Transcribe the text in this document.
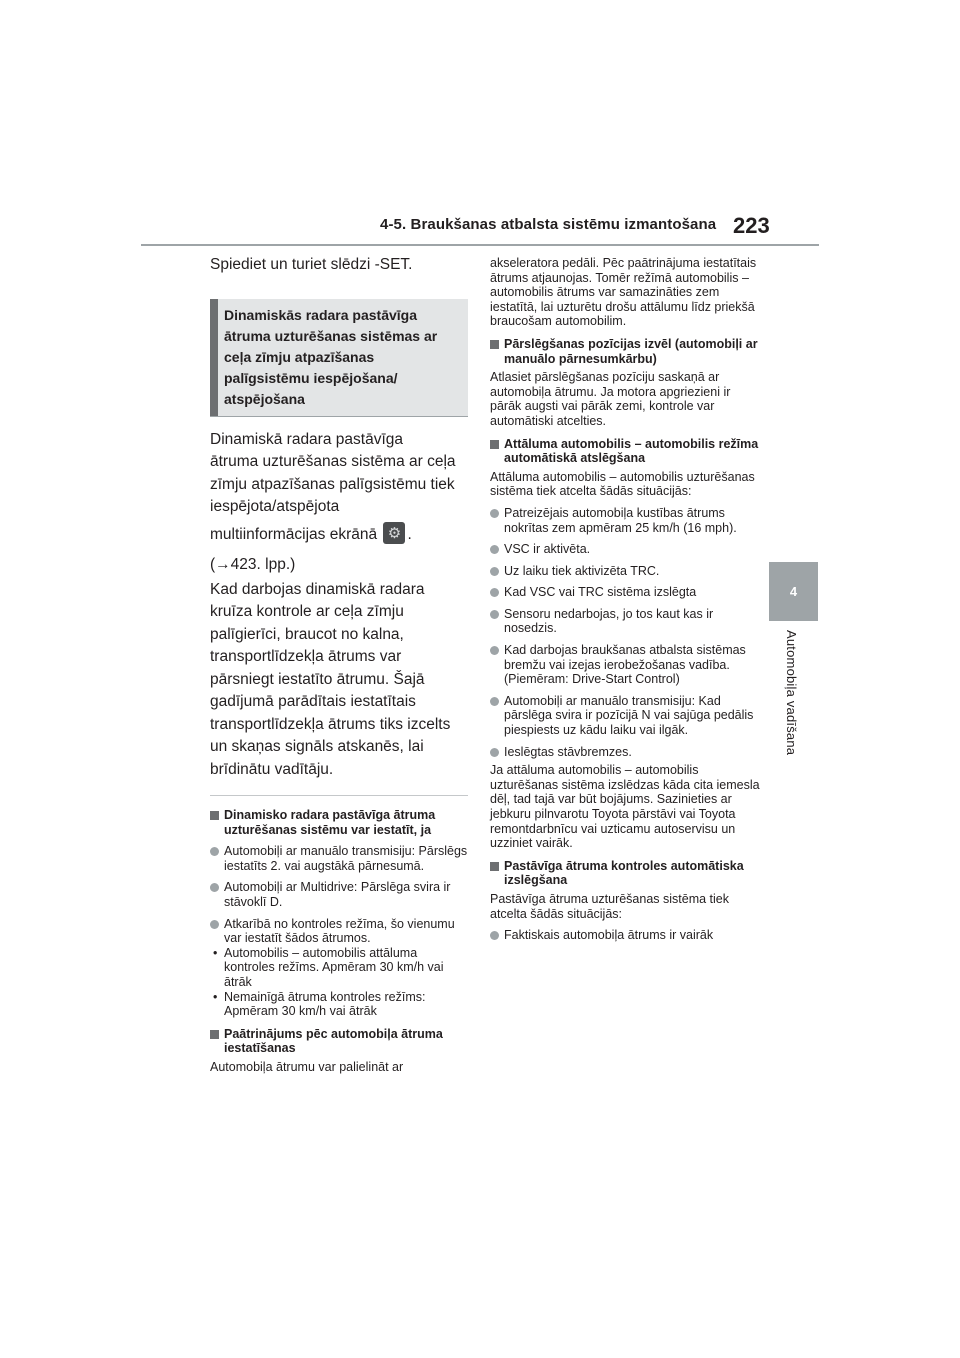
4-5. Braukšanas atbalsta sistēmu izmantošana 223
4
Automobiļa vadīšana
Spiediet un turiet slēdzi -SET.
Dinamiskās radara pastāvīga
ātruma uzturēšanas sistēmas ar
ceļa zīmju atpazīšanas
palīgsistēmu iespējošana/
atspējošana
Dinamiskā radara pastāvīga
ātruma uzturēšanas sistēma ar ceļa
zīmju atpazīšanas palīgsistēmu tiek
iespējota/atspējota
multiinformācijas ekrānā ⚙ .
(→423. lpp.)
Kad darbojas dinamiskā radara
kruīza kontrole ar ceļa zīmju
palīgierīci, braucot no kalna,
transportlīdzekļa ātrums var
pārsniegt iestatīto ātrumu. Šajā
gadījumā parādītais iestatītais
transportlīdzekļa ātrums tiks izcelts
un skaņas signāls atskanēs, lai
brīdinātu vadītāju.
Dinamisko radara pastāvīga ātruma uzturēšanas sistēmu var iestatīt, ja
Automobiļi ar manuālo transmisiju: Pārslēgs iestatīts 2. vai augstākā pārnesumā.
Automobiļi ar Multidrive: Pārslēga svira ir stāvoklī D.
Atkarībā no kontroles režīma, šo vienumu var iestatīt šādos ātrumos.
• Automobilis – automobilis attāluma kontroles režīms. Apmēram 30 km/h vai ātrāk
• Nemainīgā ātruma kontroles režīms: Apmēram 30 km/h vai ātrāk
Paātrinājums pēc automobiļa ātruma iestatīšanas
Automobiļa ātrumu var palielināt ar
akseleratora pedāli. Pēc paātrinājuma iestatītais ātrums atjaunojas. Tomēr režīmā automobilis – automobilis ātrums var samazināties zem iestatītā, lai uzturētu drošu attālumu līdz priekšā braucošam automobilim.
Pārslēgšanas pozīcijas izvēl (automobiļi ar manuālo pārnesumkārbu)
Atlasiet pārslēgšanas pozīciju saskaņā ar automobiļa ātrumu. Ja motora apgriezieni ir pārāk augsti vai pārāk zemi, kontrole var automātiski atcelties.
Attāluma automobilis – automobilis režīma automātiskā atslēgšana
Attāluma automobilis – automobilis uzturēšanas sistēma tiek atcelta šādās situācijās:
Patreizējais automobiļa kustības ātrums nokrītas zem apmēram 25 km/h (16 mph).
VSC ir aktivēta.
Uz laiku tiek aktivizēta TRC.
Kad VSC vai TRC sistēma izslēgta
Sensoru nedarbojas, jo tos kaut kas ir nosedzis.
Kad darbojas braukšanas atbalsta sistēmas bremžu vai izejas ierobežošanas vadība. (Piemēram: Drive-Start Control)
Automobiļi ar manuālo transmisiju: Kad pārslēga svira ir pozīcijā N vai sajūga pedālis piespiests uz kādu laiku vai ilgāk.
Ieslēgtas stāvbremzes.
Ja attāluma automobilis – automobilis uzturēšanas sistēma izslēdzas kāda cita iemesla dēļ, tad tajā var būt bojājums. Sazinieties ar jebkuru pilnvarotu Toyota pārstāvi vai Toyota remontdarbnīcu vai uzticamu autoservisu un uzziniet vairāk.
Pastāvīga ātruma kontroles automātiska izslēgšana
Pastāvīga ātruma uzturēšanas sistēma tiek atcelta šādās situācijās:
Faktiskais automobiļa ātrums ir vairāk
